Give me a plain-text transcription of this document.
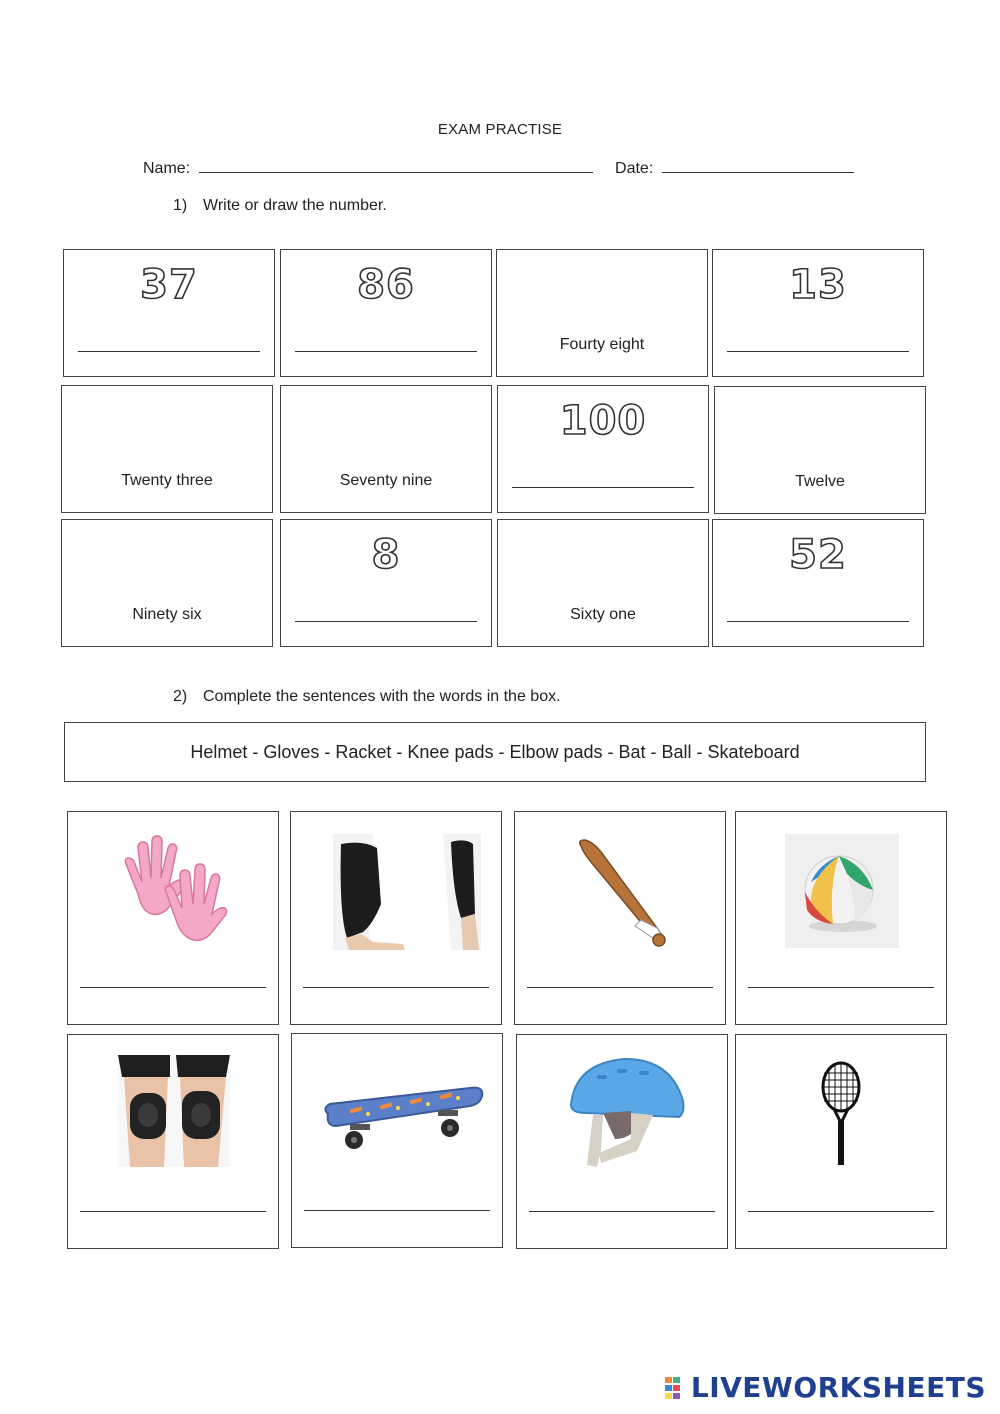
EXAM PRACTISE
Name:	Date:
1) Write or draw the number.
37	86
Fourty eight
13
Twenty three	Seventy nine
100
Twelve
Ninety six
8
Sixty one
52
2) Complete the sentences with the words in the box.
Helmet - Gloves - Racket - Knee pads - Elbow pads - Bat - Ball - Skateboard
LIVEWORKSHEETS
